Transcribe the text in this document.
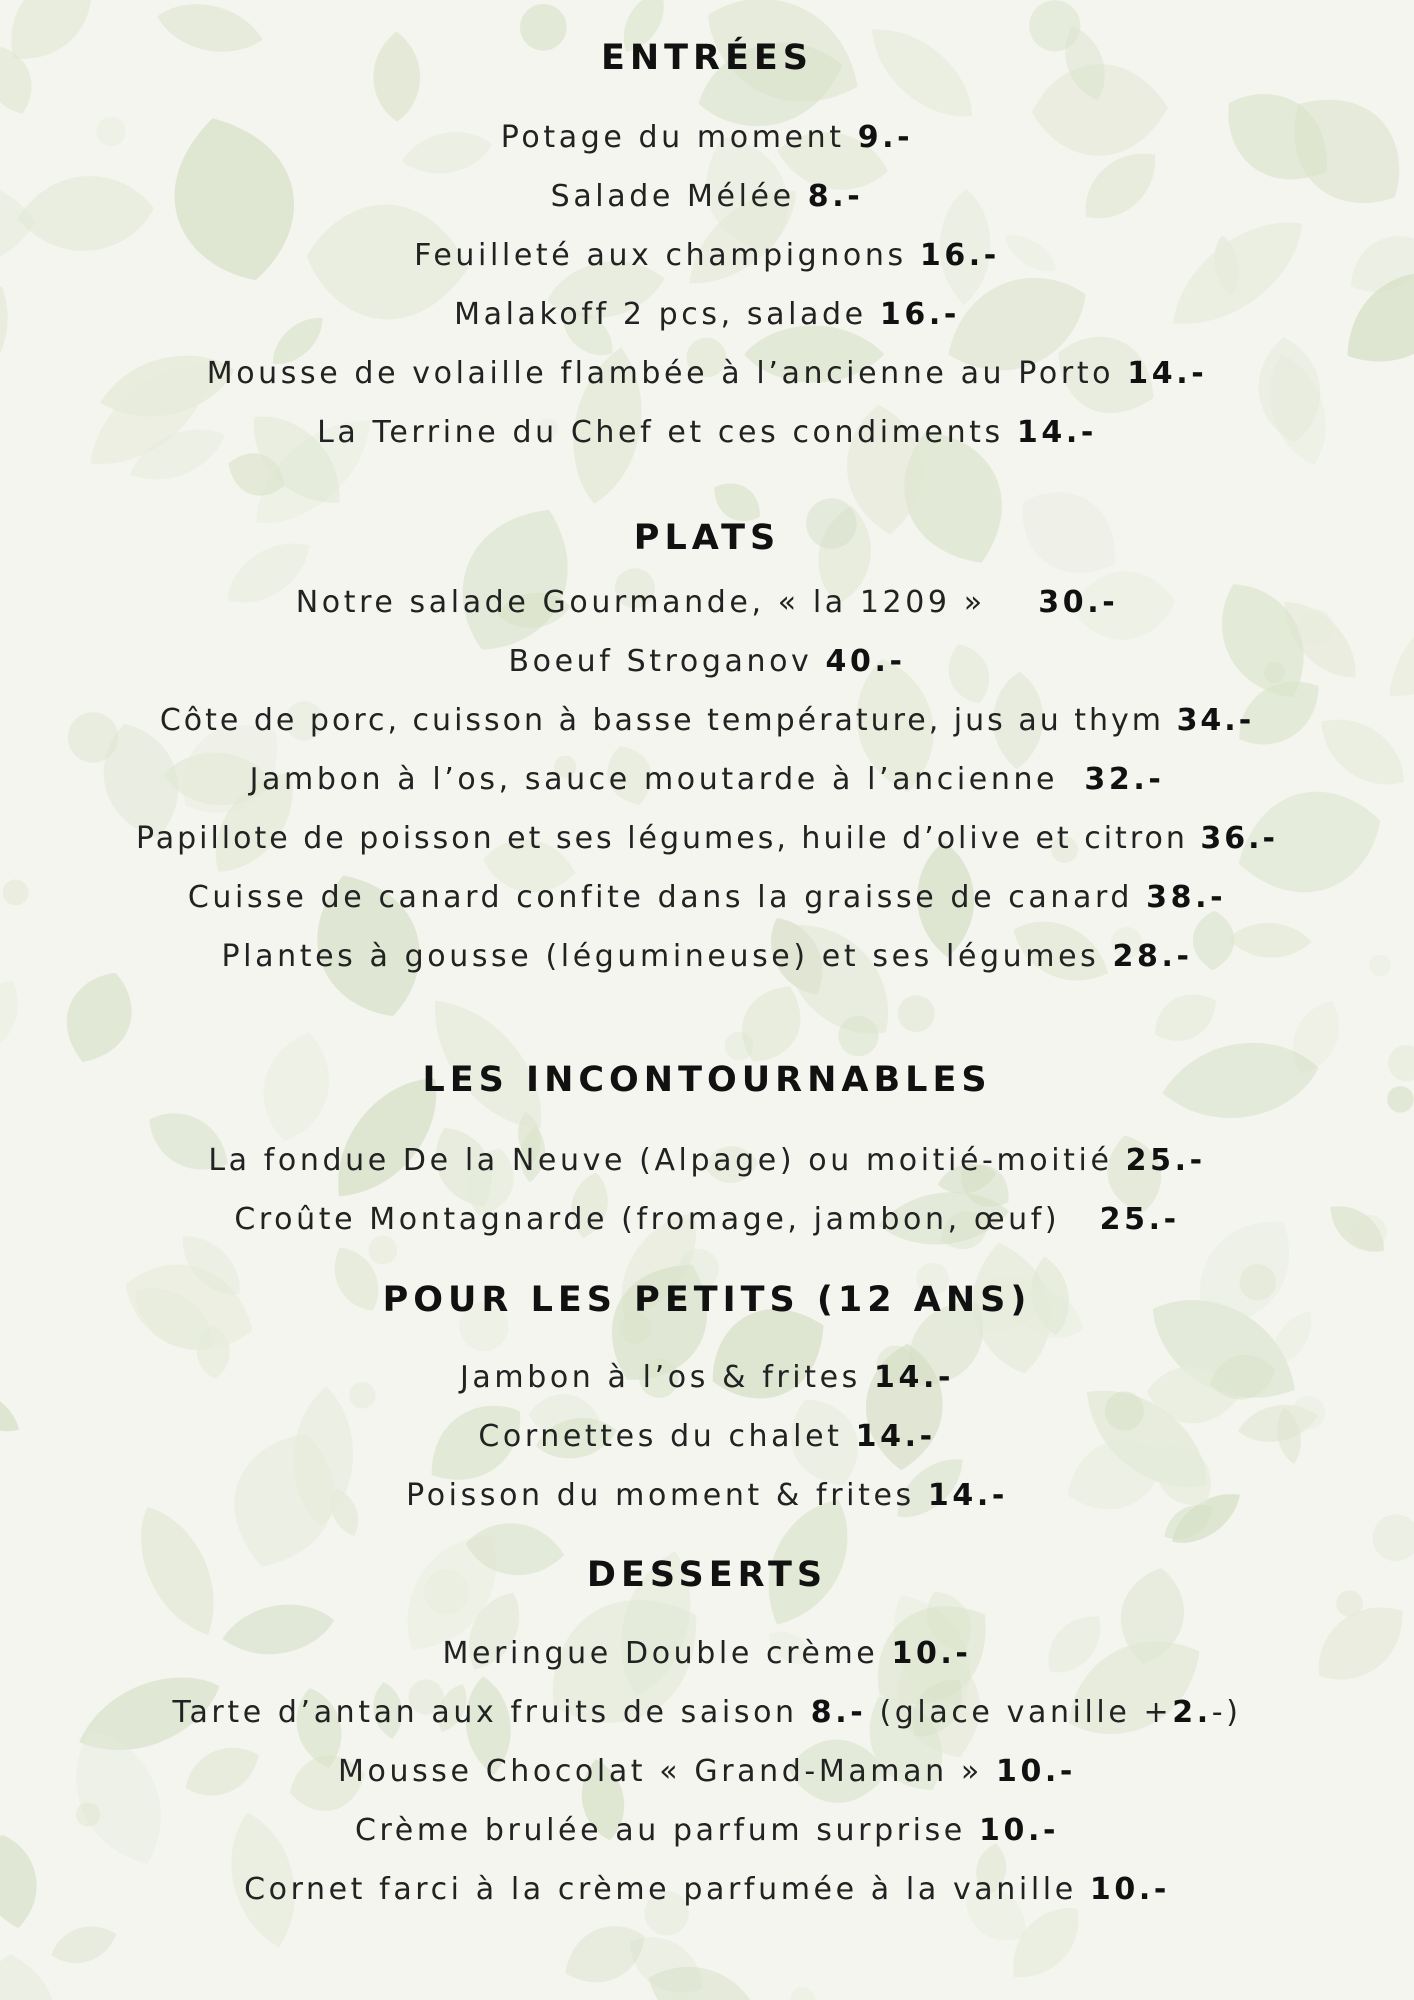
ENTRÉES
Potage du moment 9.-
Salade Mélée 8.-
Feuilleté aux champignons 16.-
Malakoff 2 pcs, salade 16.-
Mousse de volaille flambée à l’ancienne au Porto 14.-
La Terrine du Chef et ces condiments 14.-
PLATS
Notre salade Gourmande, « la 1209 »    30.-
Boeuf Stroganov 40.-
Côte de porc, cuisson à basse température, jus au thym 34.-
Jambon à l’os, sauce moutarde à l’ancienne  32.-
Papillote de poisson et ses légumes, huile d’olive et citron 36.-
Cuisse de canard confite dans la graisse de canard 38.-
Plantes à gousse (légumineuse) et ses légumes 28.-
LES INCONTOURNABLES
La fondue De la Neuve (Alpage) ou moitié-moitié 25.-
Croûte Montagnarde (fromage, jambon, œuf)   25.-
POUR LES PETITS (12 ANS)
Jambon à l’os & frites 14.-
Cornettes du chalet 14.-
Poisson du moment & frites 14.-
DESSERTS
Meringue Double crème 10.-
Tarte d’antan aux fruits de saison 8.- (glace vanille +2.-)
Mousse Chocolat « Grand-Maman » 10.-
Crème brulée au parfum surprise 10.-
Cornet farci à la crème parfumée à la vanille 10.-
